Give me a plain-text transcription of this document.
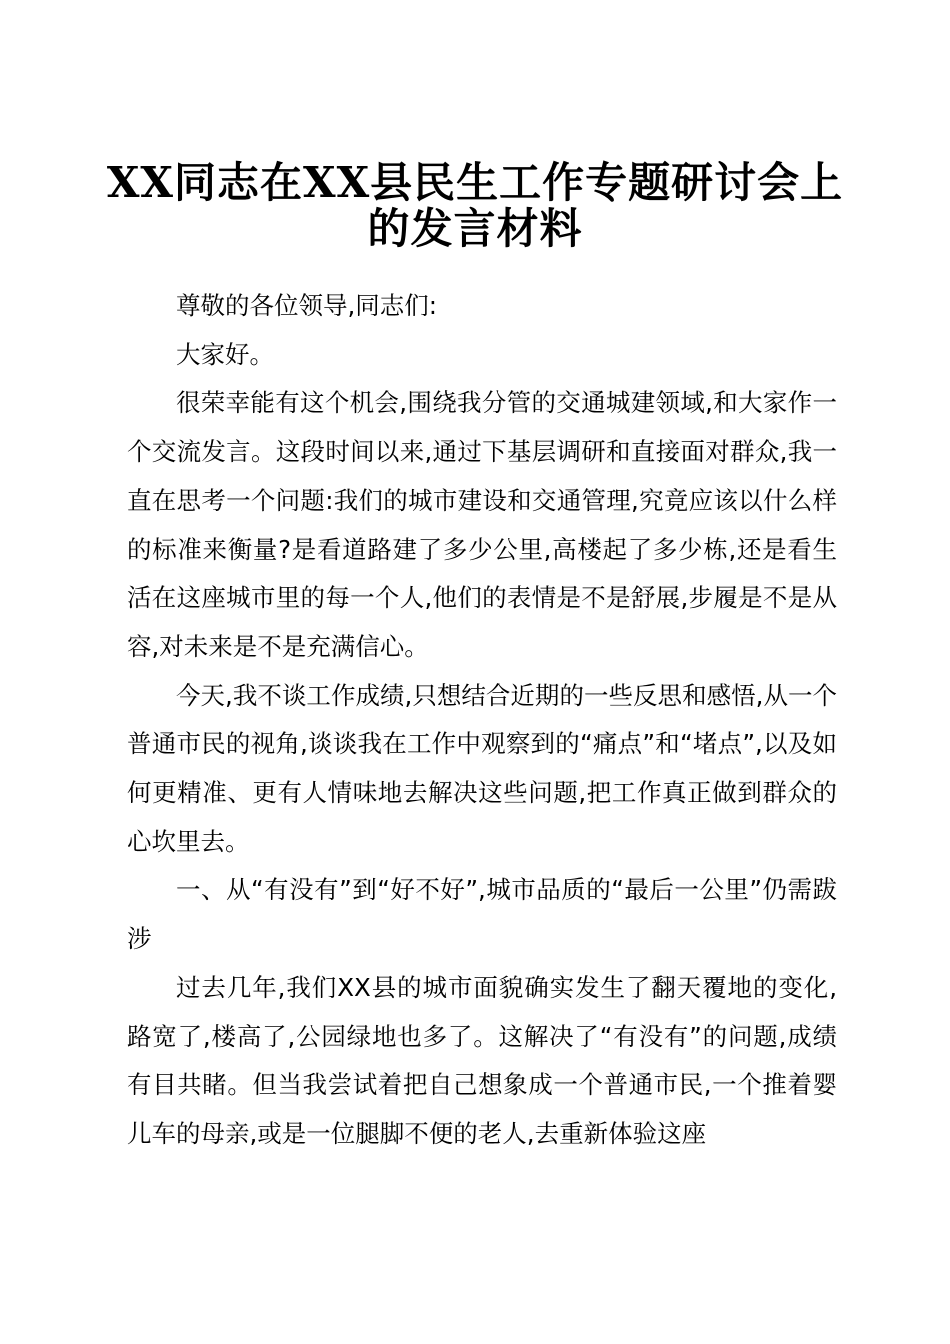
XX同志在XX县民生工作专题研讨会上
的发言材料

尊敬的各位领导,同志们:

大家好。

很荣幸能有这个机会,围绕我分管的交通城建领域,和大家作一个交流发言。这段时间以来,通过下基层调研和直接面对群众,我一直在思考一个问题:我们的城市建设和交通管理,究竟应该以什么样的标准来衡量?是看道路建了多少公里,高楼起了多少栋,还是看生活在这座城市里的每一个人,他们的表情是不是舒展,步履是不是从容,对未来是不是充满信心。

今天,我不谈工作成绩,只想结合近期的一些反思和感悟,从一个普通市民的视角,谈谈我在工作中观察到的“痛点”和“堵点”,以及如何更精准、更有人情味地去解决这些问题,把工作真正做到群众的心坎里去。

一、从“有没有”到“好不好”,城市品质的“最后一公里”仍需跋涉

过去几年,我们XX县的城市面貌确实发生了翻天覆地的变化,路宽了,楼高了,公园绿地也多了。这解决了“有没有”的问题,成绩有目共睹。但当我尝试着把自己想象成一个普通市民,一个推着婴儿车的母亲,或是一位腿脚不便的老人,去重新体验这座
